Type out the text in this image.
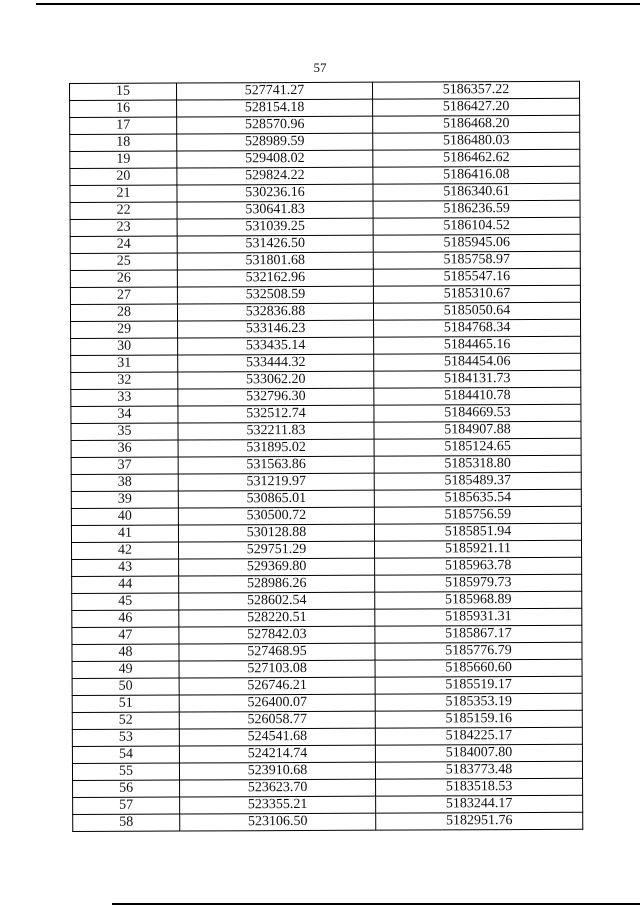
57
15	527741.27	5186357.22
16	528154.18	5186427.20
17	528570.96	5186468.20
18	528989.59	5186480.03
19	529408.02	5186462.62
20	529824.22	5186416.08
21	530236.16	5186340.61
22	530641.83	5186236.59
23	531039.25	5186104.52
24	531426.50	5185945.06
25	531801.68	5185758.97
26	532162.96	5185547.16
27	532508.59	5185310.67
28	532836.88	5185050.64
29	533146.23	5184768.34
30	533435.14	5184465.16
31	533444.32	5184454.06
32	533062.20	5184131.73
33	532796.30	5184410.78
34	532512.74	5184669.53
35	532211.83	5184907.88
36	531895.02	5185124.65
37	531563.86	5185318.80
38	531219.97	5185489.37
39	530865.01	5185635.54
40	530500.72	5185756.59
41	530128.88	5185851.94
42	529751.29	5185921.11
43	529369.80	5185963.78
44	528986.26	5185979.73
45	528602.54	5185968.89
46	528220.51	5185931.31
47	527842.03	5185867.17
48	527468.95	5185776.79
49	527103.08	5185660.60
50	526746.21	5185519.17
51	526400.07	5185353.19
52	526058.77	5185159.16
53	524541.68	5184225.17
54	524214.74	5184007.80
55	523910.68	5183773.48
56	523623.70	5183518.53
57	523355.21	5183244.17
58	523106.50	5182951.76
